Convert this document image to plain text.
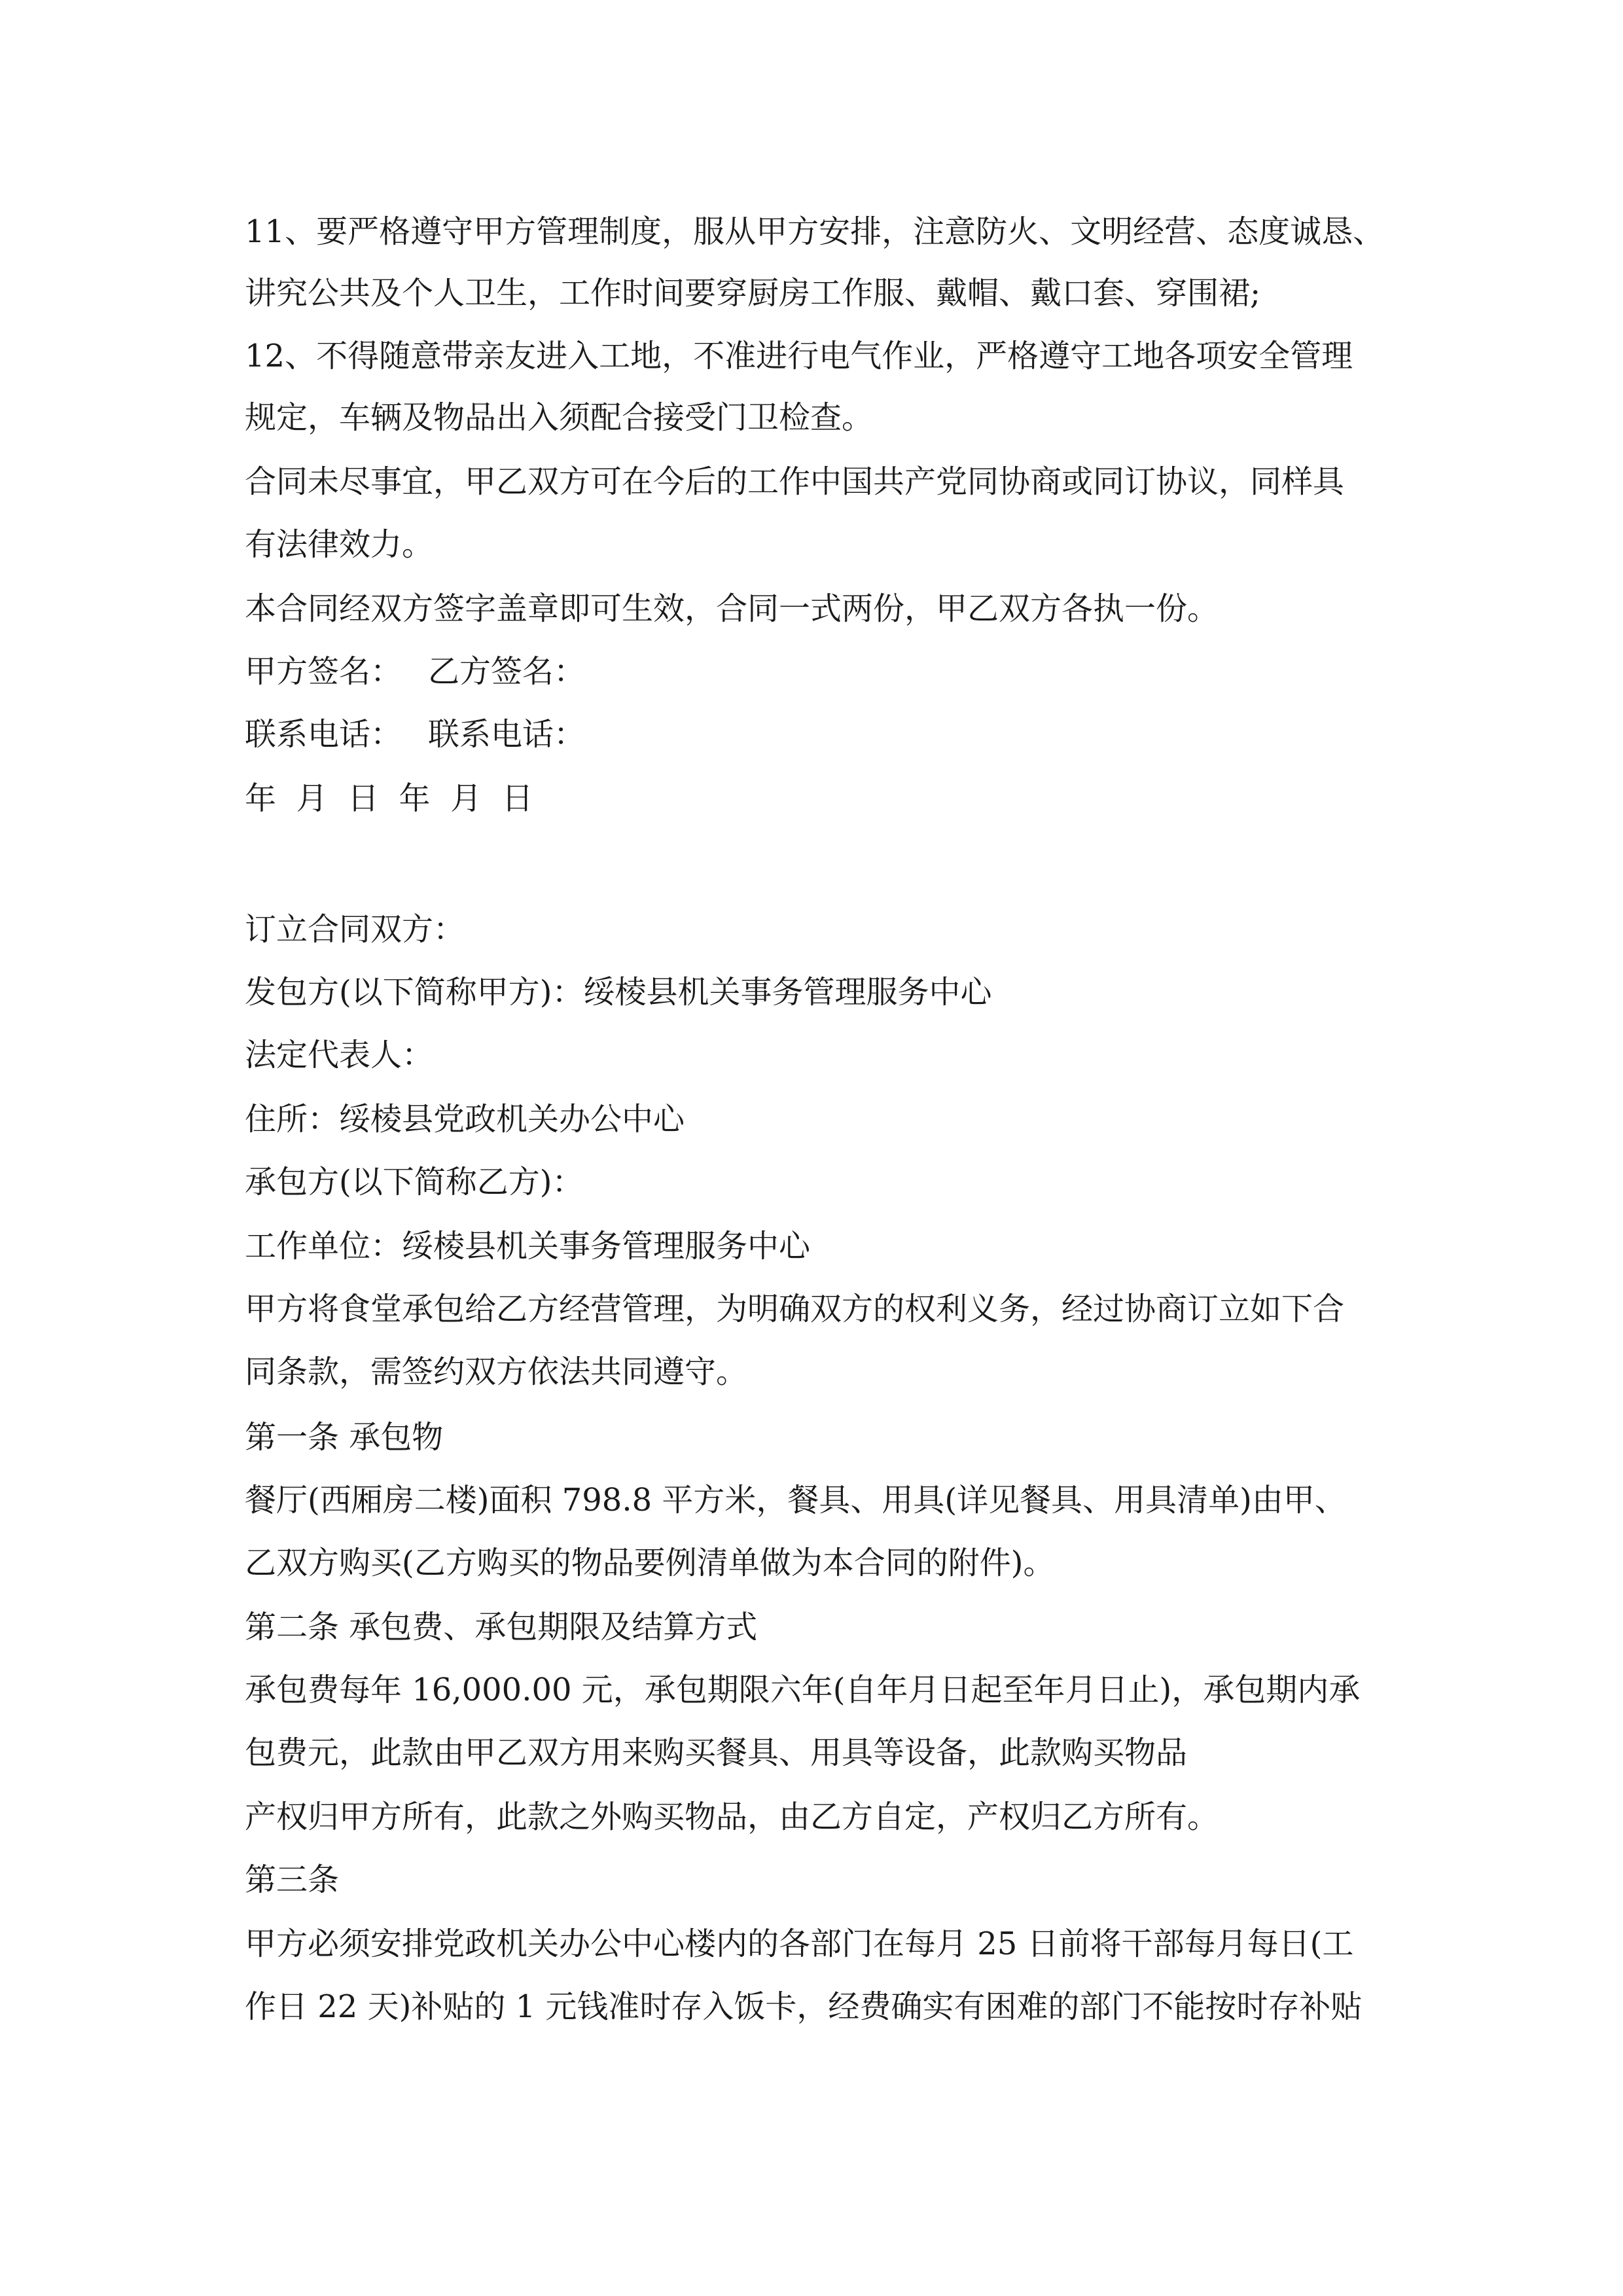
11、要严格遵守甲方管理制度，服从甲方安排，注意防火、文明经营、态度诚恳、

讲究公共及个人卫生，工作时间要穿厨房工作服、戴帽、戴口套、穿围裙;

12、不得随意带亲友进入工地，不准进行电气作业，严格遵守工地各项安全管理

规定，车辆及物品出入须配合接受门卫检查。

合同未尽事宜，甲乙双方可在今后的工作中国共产党同协商或同订协议，同样具

有法律效力。

本合同经双方签字盖章即可生效，合同一式两份，甲乙双方各执一份。

甲方签名： 乙方签名：

联系电话： 联系电话：

年  月  日  年  月  日

订立合同双方：

发包方(以下简称甲方)：绥棱县机关事务管理服务中心

法定代表人：

住所：绥棱县党政机关办公中心

承包方(以下简称乙方)：

工作单位：绥棱县机关事务管理服务中心

甲方将食堂承包给乙方经营管理，为明确双方的权利义务，经过协商订立如下合

同条款，需签约双方依法共同遵守。

第一条 承包物

餐厅(西厢房二楼)面积 798.8 平方米，餐具、用具(详见餐具、用具清单)由甲、

乙双方购买(乙方购买的物品要例清单做为本合同的附件)。

第二条 承包费、承包期限及结算方式

承包费每年 16,000.00 元，承包期限六年(自年月日起至年月日止)，承包期内承

包费元，此款由甲乙双方用来购买餐具、用具等设备，此款购买物品

产权归甲方所有，此款之外购买物品，由乙方自定，产权归乙方所有。

第三条

甲方必须安排党政机关办公中心楼内的各部门在每月 25 日前将干部每月每日(工

作日 22 天)补贴的 1 元钱准时存入饭卡，经费确实有困难的部门不能按时存补贴
